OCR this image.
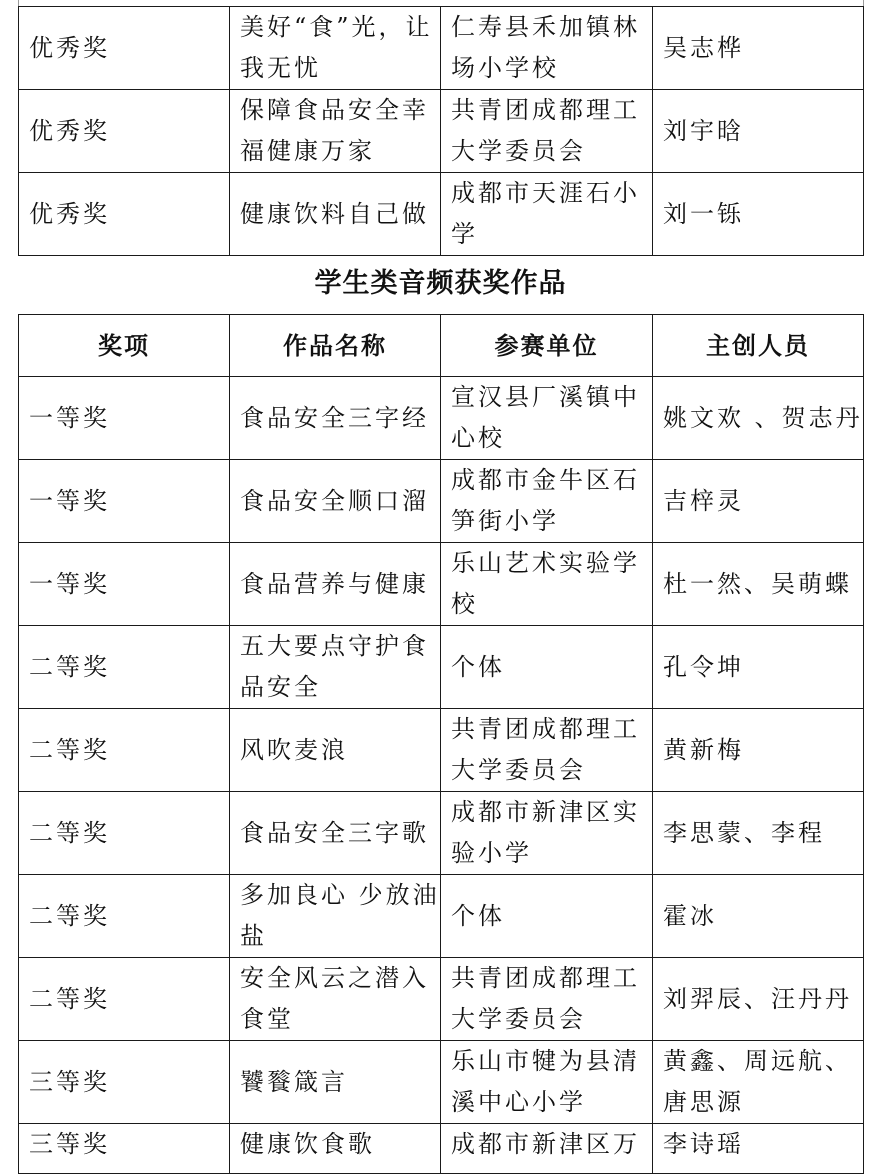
优秀奖	美好“食”光，让我无忧	仁寿县禾加镇林场小学校	吴志桦
优秀奖	保障食品安全幸福健康万家	共青团成都理工大学委员会	刘宇晗
优秀奖	健康饮料自己做	成都市天涯石小学	刘一铄
学生类音频获奖作品
奖项	作品名称	参赛单位	主创人员
一等奖	食品安全三字经	宣汉县厂溪镇中心校	姚文欢 、贺志丹
一等奖	食品安全顺口溜	成都市金牛区石笋街小学	吉梓灵
一等奖	食品营养与健康	乐山艺术实验学校	杜一然、吴萌蝶
二等奖	五大要点守护食品安全	个体	孔令坤
二等奖	风吹麦浪	共青团成都理工大学委员会	黄新梅
二等奖	食品安全三字歌	成都市新津区实验小学	李思蒙、李程
二等奖	多加良心 少放油盐	个体	霍冰
二等奖	安全风云之潜入食堂	共青团成都理工大学委员会	刘羿辰、汪丹丹
三等奖	饕餮箴言	乐山市犍为县清溪中心小学	黄鑫、周远航、唐思源
三等奖	健康饮食歌	成都市新津区万	李诗瑶
